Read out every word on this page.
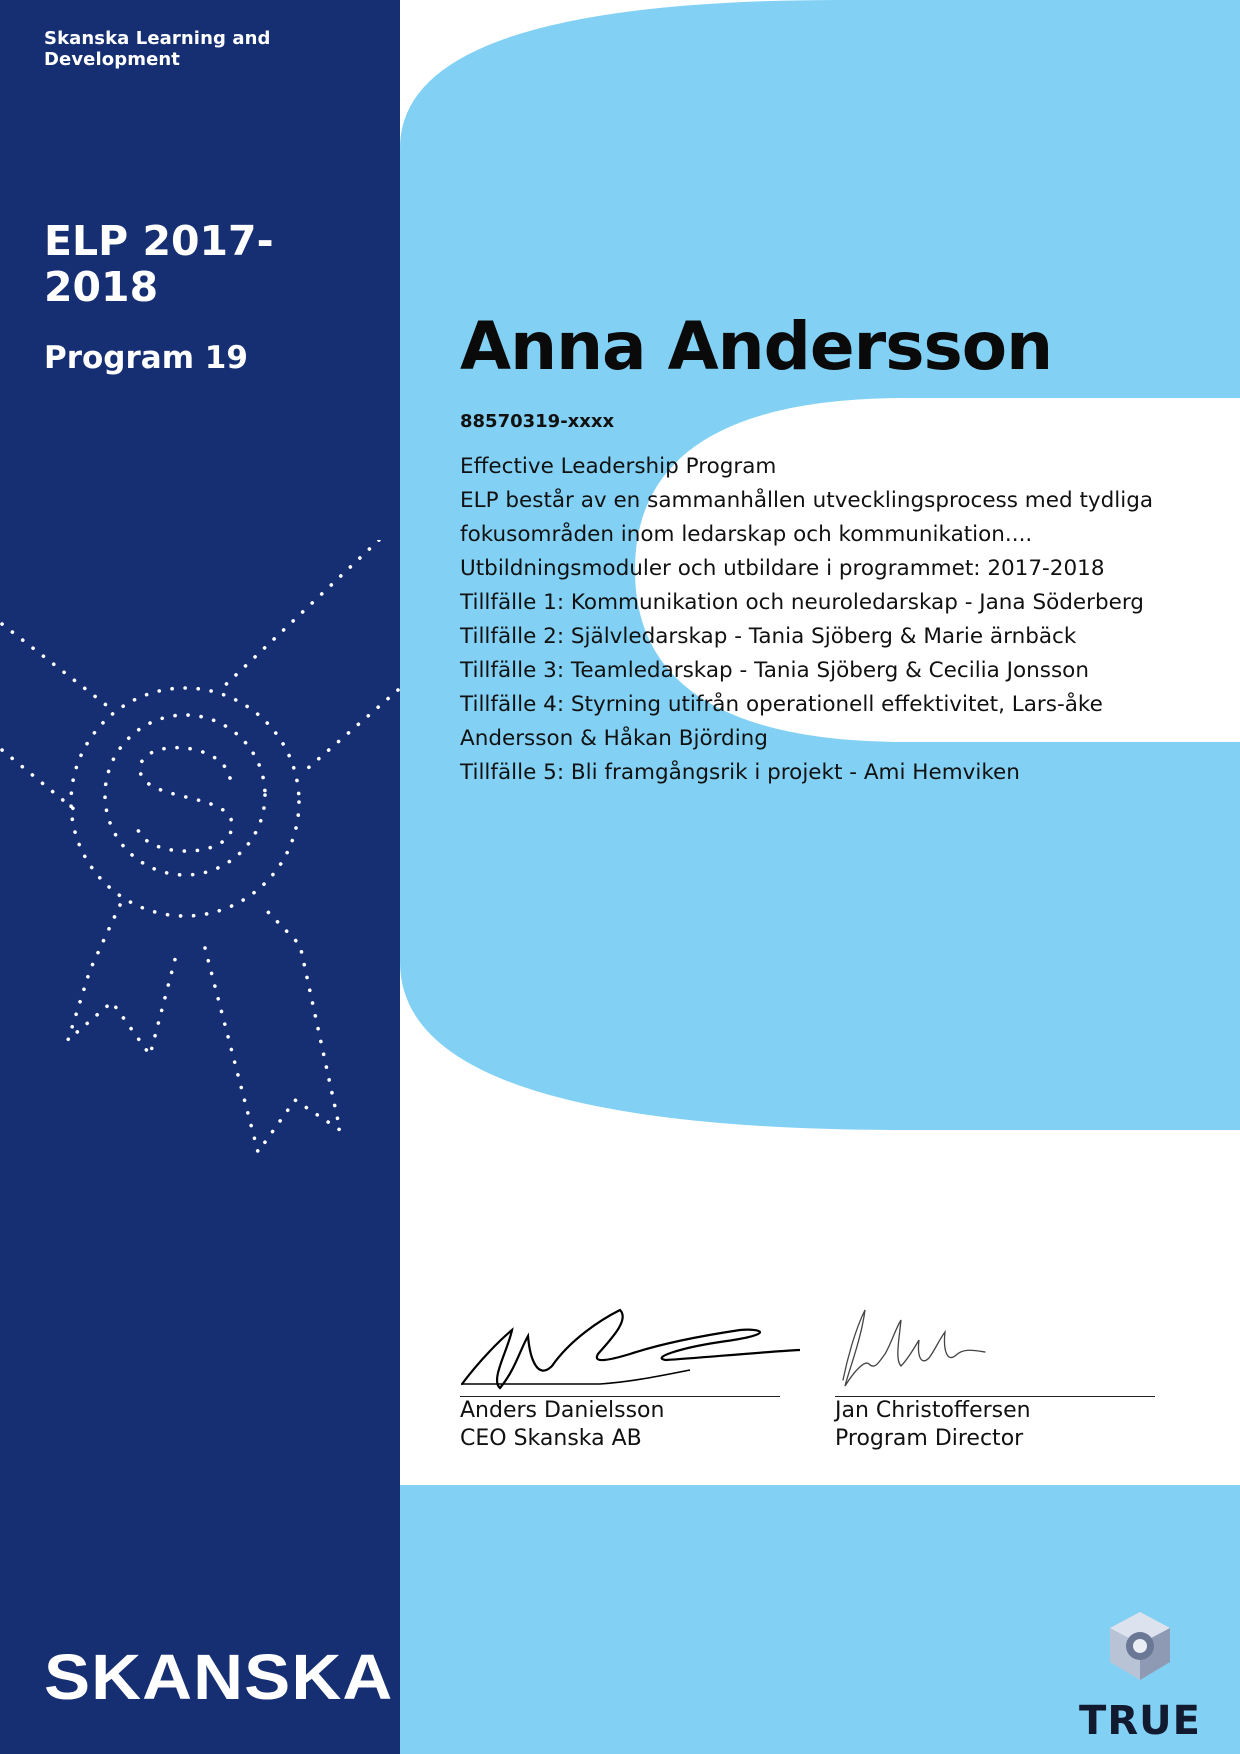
Skanska Learning and Development
ELP 2017-2018
Program 19
SKANSKA
Anna Andersson
88570319-xxxx
Effective Leadership Program
ELP består av en sammanhållen utvecklingsprocess med tydliga fokusområden inom ledarskap och kommunikation....
Utbildningsmoduler och utbildare i programmet: 2017-2018
Tillfälle 1: Kommunikation och neuroledarskap - Jana Söderberg
Tillfälle 2: Självledarskap - Tania Sjöberg & Marie ärnbäck
Tillfälle 3: Teamledarskap - Tania Sjöberg & Cecilia Jonsson
Tillfälle 4: Styrning utifrån operationell effektivitet, Lars-åke Andersson & Håkan Björding
Tillfälle 5: Bli framgångsrik i projekt - Ami Hemviken
Anders Danielsson
CEO Skanska AB
Jan Christoffersen
Program Director
TRUE
